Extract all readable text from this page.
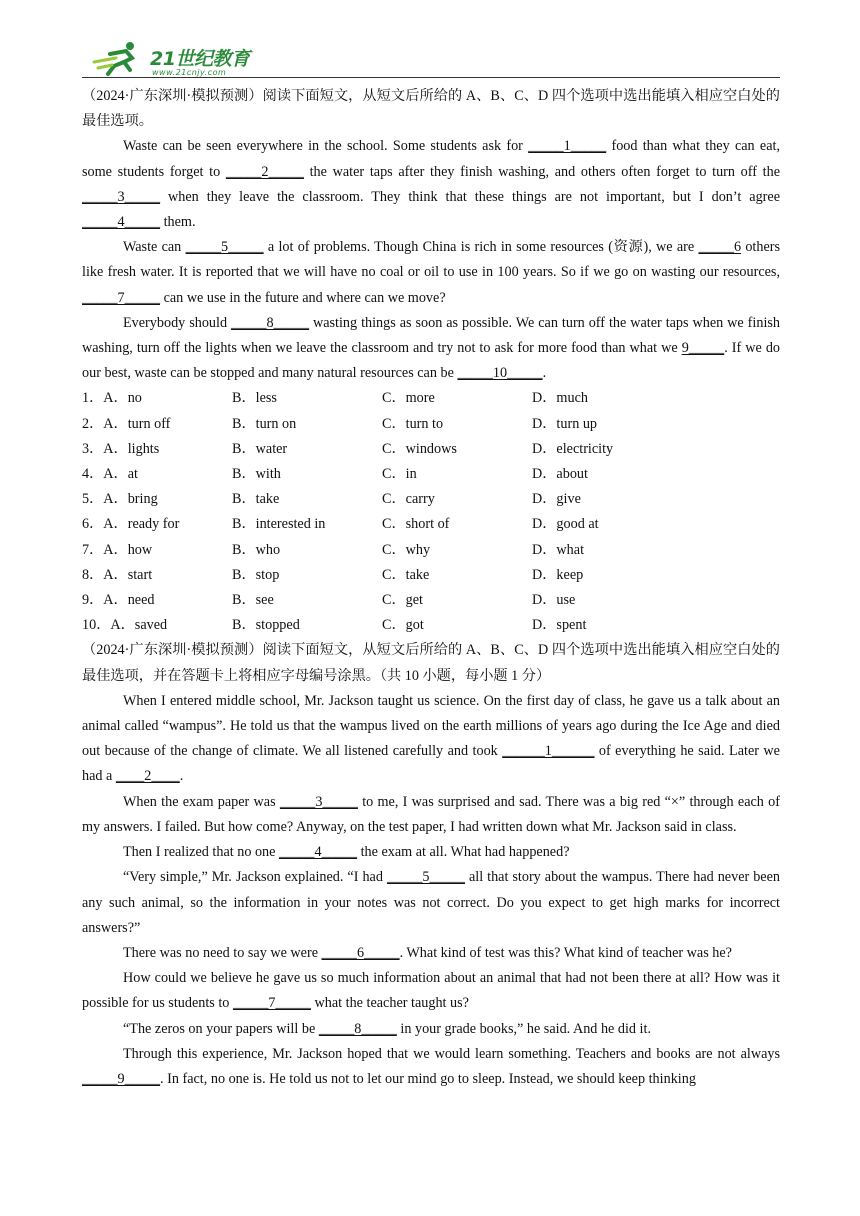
21世纪教育
www.21cnjy.com

（2024·广东深圳·模拟预测）阅读下面短文，从短文后所给的 A、B、C、D 四个选项中选出能填入相应空白处的最佳选项。

Waste can be seen everywhere in the school. Some students ask for _____1_____ food than what they can eat, some students forget to _____2_____ the water taps after they finish washing, and others often forget to turn off the _____3_____ when they leave the classroom. They think that these things are not important, but I don’t agree _____4_____ them.

Waste can _____5_____ a lot of problems. Though China is rich in some resources (资源), we are _____6 others like fresh water. It is reported that we will have no coal or oil to use in 100 years. So if we go on wasting our resources, _____7_____ can we use in the future and where can we move?

Everybody should _____8_____ wasting things as soon as possible. We can turn off the water taps when we finish washing, turn off the lights when we leave the classroom and try not to ask for more food than what we 9_____. If we do our best, waste can be stopped and many natural resources can be _____10_____.

1．A．no	B．less	C．more	D．much
2．A．turn off	B．turn on	C．turn to	D．turn up
3．A．lights	B．water	C．windows	D．electricity
4．A．at	B．with	C．in	D．about
5．A．bring	B．take	C．carry	D．give
6．A．ready for	B．interested in	C．short of	D．good at
7．A．how	B．who	C．why	D．what
8．A．start	B．stop	C．take	D．keep
9．A．need	B．see	C．get	D．use
10．A．saved	B．stopped	C．got	D．spent

（2024·广东深圳·模拟预测）阅读下面短文，从短文后所给的 A、B、C、D 四个选项中选出能填入相应空白处的最佳选项，并在答题卡上将相应字母编号涂黑。（共 10 小题，每小题 1 分）

When I entered middle school, Mr. Jackson taught us science. On the first day of class, he gave us a talk about an animal called “wampus”. He told us that the wampus lived on the earth millions of years ago during the Ice Age and died out because of the change of climate. We all listened carefully and took ______1______ of everything he said. Later we had a ____2____.

When the exam paper was _____3_____ to me, I was surprised and sad. There was a big red “×” through each of my answers. I failed. But how come? Anyway, on the test paper, I had written down what Mr. Jackson said in class.

Then I realized that no one _____4_____ the exam at all. What had happened?

“Very simple,” Mr. Jackson explained. “I had _____5_____ all that story about the wampus. There had never been any such animal, so the information in your notes was not correct. Do you expect to get high marks for incorrect answers?”

There was no need to say we were _____6_____. What kind of test was this? What kind of teacher was he?

How could we believe he gave us so much information about an animal that had not been there at all? How was it possible for us students to _____7_____ what the teacher taught us?

“The zeros on your papers will be _____8_____ in your grade books,” he said. And he did it.

Through this experience, Mr. Jackson hoped that we would learn something. Teachers and books are not always _____9_____. In fact, no one is. He told us not to let our mind go to sleep. Instead, we should keep thinking
